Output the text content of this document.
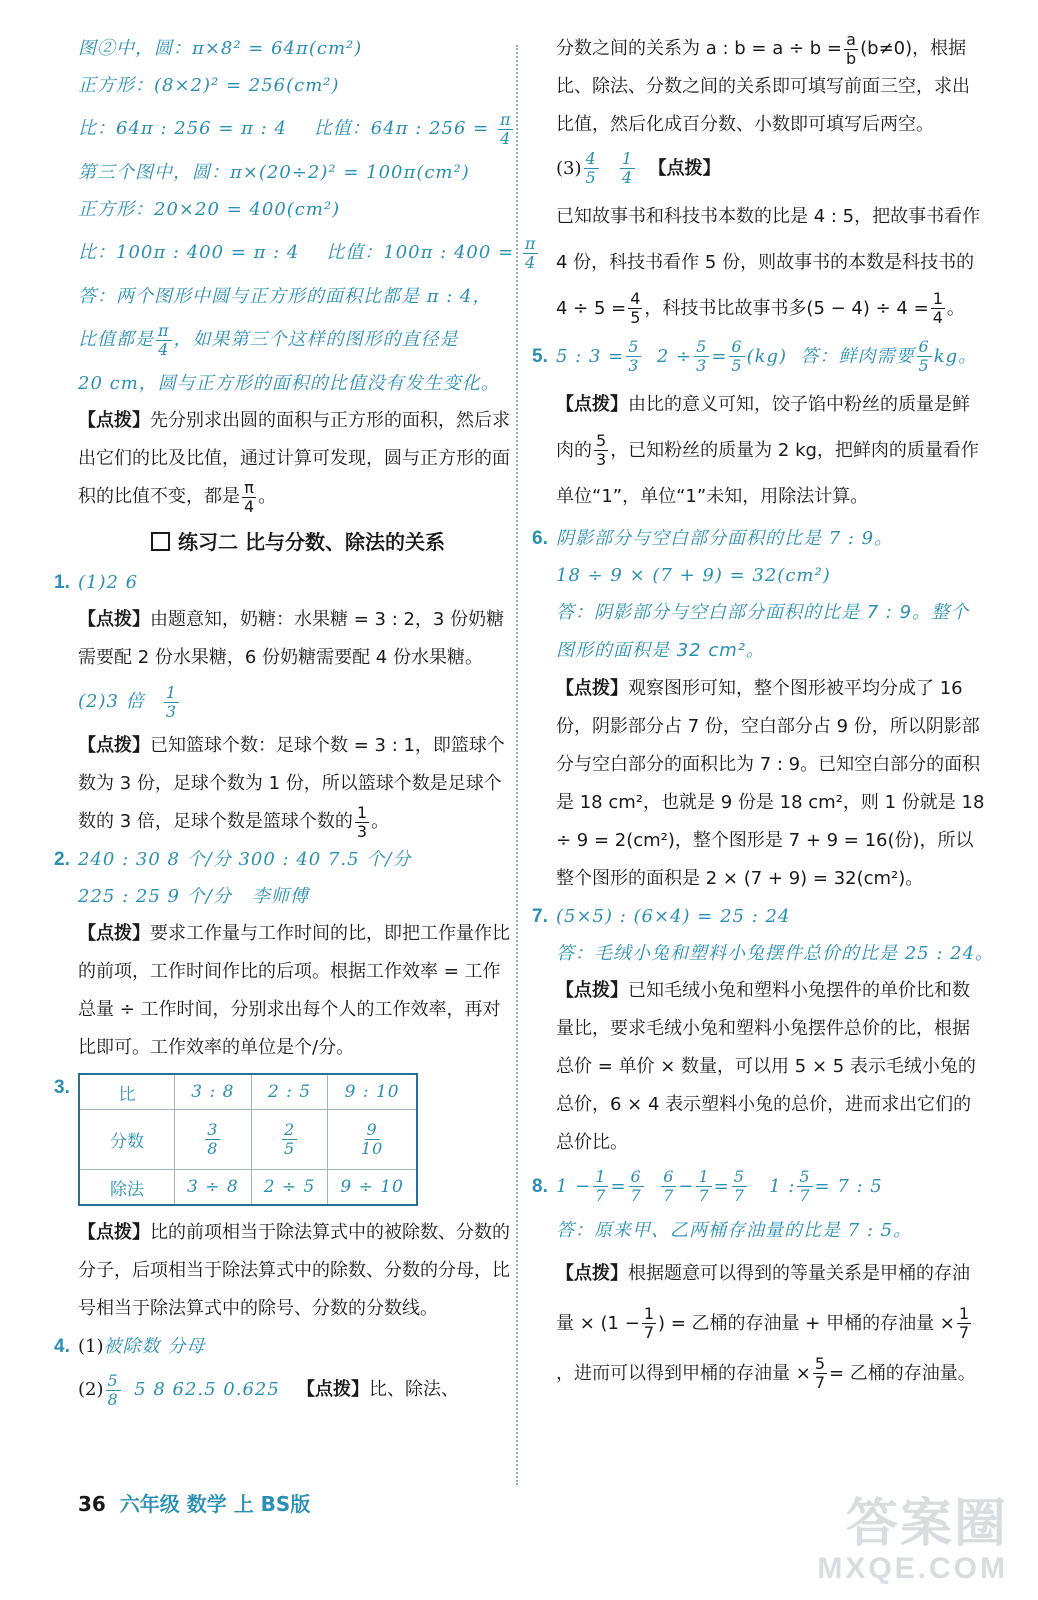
图②中，圆：π×8² = 64π(cm²)
正方形：(8×2)² = 256(cm²)
比：64π : 256 = π : 4 比值：64π : $256 = \frac{\pi}{4}$
第三个图中，圆：π×(20÷2)² = 100π(cm²)
正方形：20×20 = 400(cm²)
比：100π : 400 = π : 4 比值：100π : $400 = \frac{\pi}{4}$
答：两个图形中圆与正方形的面积比都是 π : 4，
比值都是 $\frac{\pi}{4}$ ，如果第三个这样的图形的直径是
20 cm，圆与正方形的面积的比值没有发生变化。
【点拨】先分别求出圆的面积与正方形的面积，然后求出它们的比及比值，通过计算可发现，圆与正方形的面积的比值不变，都是 $\frac{\pi}{4}$ 。
练习二 比与分数、除法的关系
1. (1)2 6
【点拨】由题意知，奶糖：水果糖 = 3 : 2，3 份奶糖需要配 2 份水果糖，6 份奶糖需要配 4 份水果糖。
(2)3 倍 $\frac{1}{3}$
【点拨】已知篮球个数：足球个数 = 3 : 1，即篮球个数为 3 份，足球个数为 1 份，所以篮球个数是足球个数的 3 倍，足球个数是篮球个数的 $\frac{1}{3}$ 。
2. 240 : 30 8 个/分 300 : 40 7.5 个/分
225 : 25 9 个/分 李师傅
【点拨】要求工作量与工作时间的比，即把工作量作比的前项，工作时间作比的后项。根据工作效率 = 工作总量 ÷ 工作时间，分别求出每个人的工作效率，再对比即可。工作效率的单位是个/分。
3.	比	3 : 8	2 : 5	9 : 10
分数	$\frac{3}{8}$	$\frac{2}{5}$	$\frac{9}{10}$

除法	3 ÷ 8	2 ÷ 5	9 ÷ 10
【点拨】比的前项相当于除法算式中的被除数、分数的分子，后项相当于除法算式中的除数、分数的分母，比号相当于除法算式中的除号、分数的分数线。
4. (1)被除数 分母
$(2) \frac{5}{8} 5$ 8 62.5 0.625 【点拨】比、除法、
分数之间的关系为 a : $b = a \div b = \frac{a}{b} (b\ne 0)$，根据
比、除法、分数之间的关系即可填写前面三空，求出比值，然后化成百分数、小数即可填写后两空。
$(3) \frac{4}{5}$
$\frac{1}{4}$ 【点拨】
已知故事书和科技书本数的比是 4 : 5，把故事书看作 4 份，科技书看作 5 份，则故事书的本数是科技书的 $4 \div 5 = \frac{4}{5}$ ，科技书比故事书多$(5 - 4) \div 4 = \frac{1}{4}$ 。
5. 5 : $3 = \frac{5}{3} 2 \div \frac{5}{3} = \frac{6}{5} (kg)$ 答：鲜肉需要 $\frac{6}{5}$ kg。
【点拨】由比的意义可知，饺子馅中粉丝的质量是鲜肉的 $\frac{5}{3}$ ，已知粉丝的质量为 2 kg，把鲜肉的质量看作单位“1”，单位“1”未知，用除法计算。
6. 阴影部分与空白部分面积的比是 7 : 9。
18 ÷ 9 × (7 + 9) = 32(cm²)
答：阴影部分与空白部分面积的比是 7 : 9。整个图形的面积是 32 cm²。
【点拨】观察图形可知，整个图形被平均分成了 16 份，阴影部分占 7 份，空白部分占 9 份，所以阴影部分与空白部分的面积比为 7 : 9。已知空白部分的面积是 18 cm²，也就是 9 份是 18 cm²，则 1 份就是 18 ÷ 9 = 2(cm²)，整个图形是 7 + 9 = 16(份)，所以整个图形的面积是 2 × (7 + 9) = 32(cm²)。
7. (5×5) : (6×4) = 25 : 24
答：毛绒小兔和塑料小兔摆件总价的比是 25 : 24。
【点拨】已知毛绒小兔和塑料小兔摆件的单价比和数量比，要求毛绒小兔和塑料小兔摆件总价的比，根据总价 = 单价 × 数量，可以用 5 × 5 表示毛绒小兔的总价，6 × 4 表示塑料小兔的总价，进而求出它们的总价比。
8. $1 - \frac{1}{7} = \frac{6}{7}$
$\frac{6}{7} - \frac{1}{7} = \frac{5}{7} 1$ : $\frac{5}{7} = 7$ : 5
答：原来甲、乙两桶存油量的比是 7 : 5。
【点拨】根据题意可以得到的等量关系是甲桶的存油量 × ($1 - \frac{1}{7}$ ) = 乙桶的存油量 + 甲桶的存油量 × $\frac{1}{7}$
，进而可以得到甲桶的存油量 × $\frac{5}{7}$ = 乙桶的存油量。
36 六年级 数学 上 BS版	答案圈
MXQE.COM
